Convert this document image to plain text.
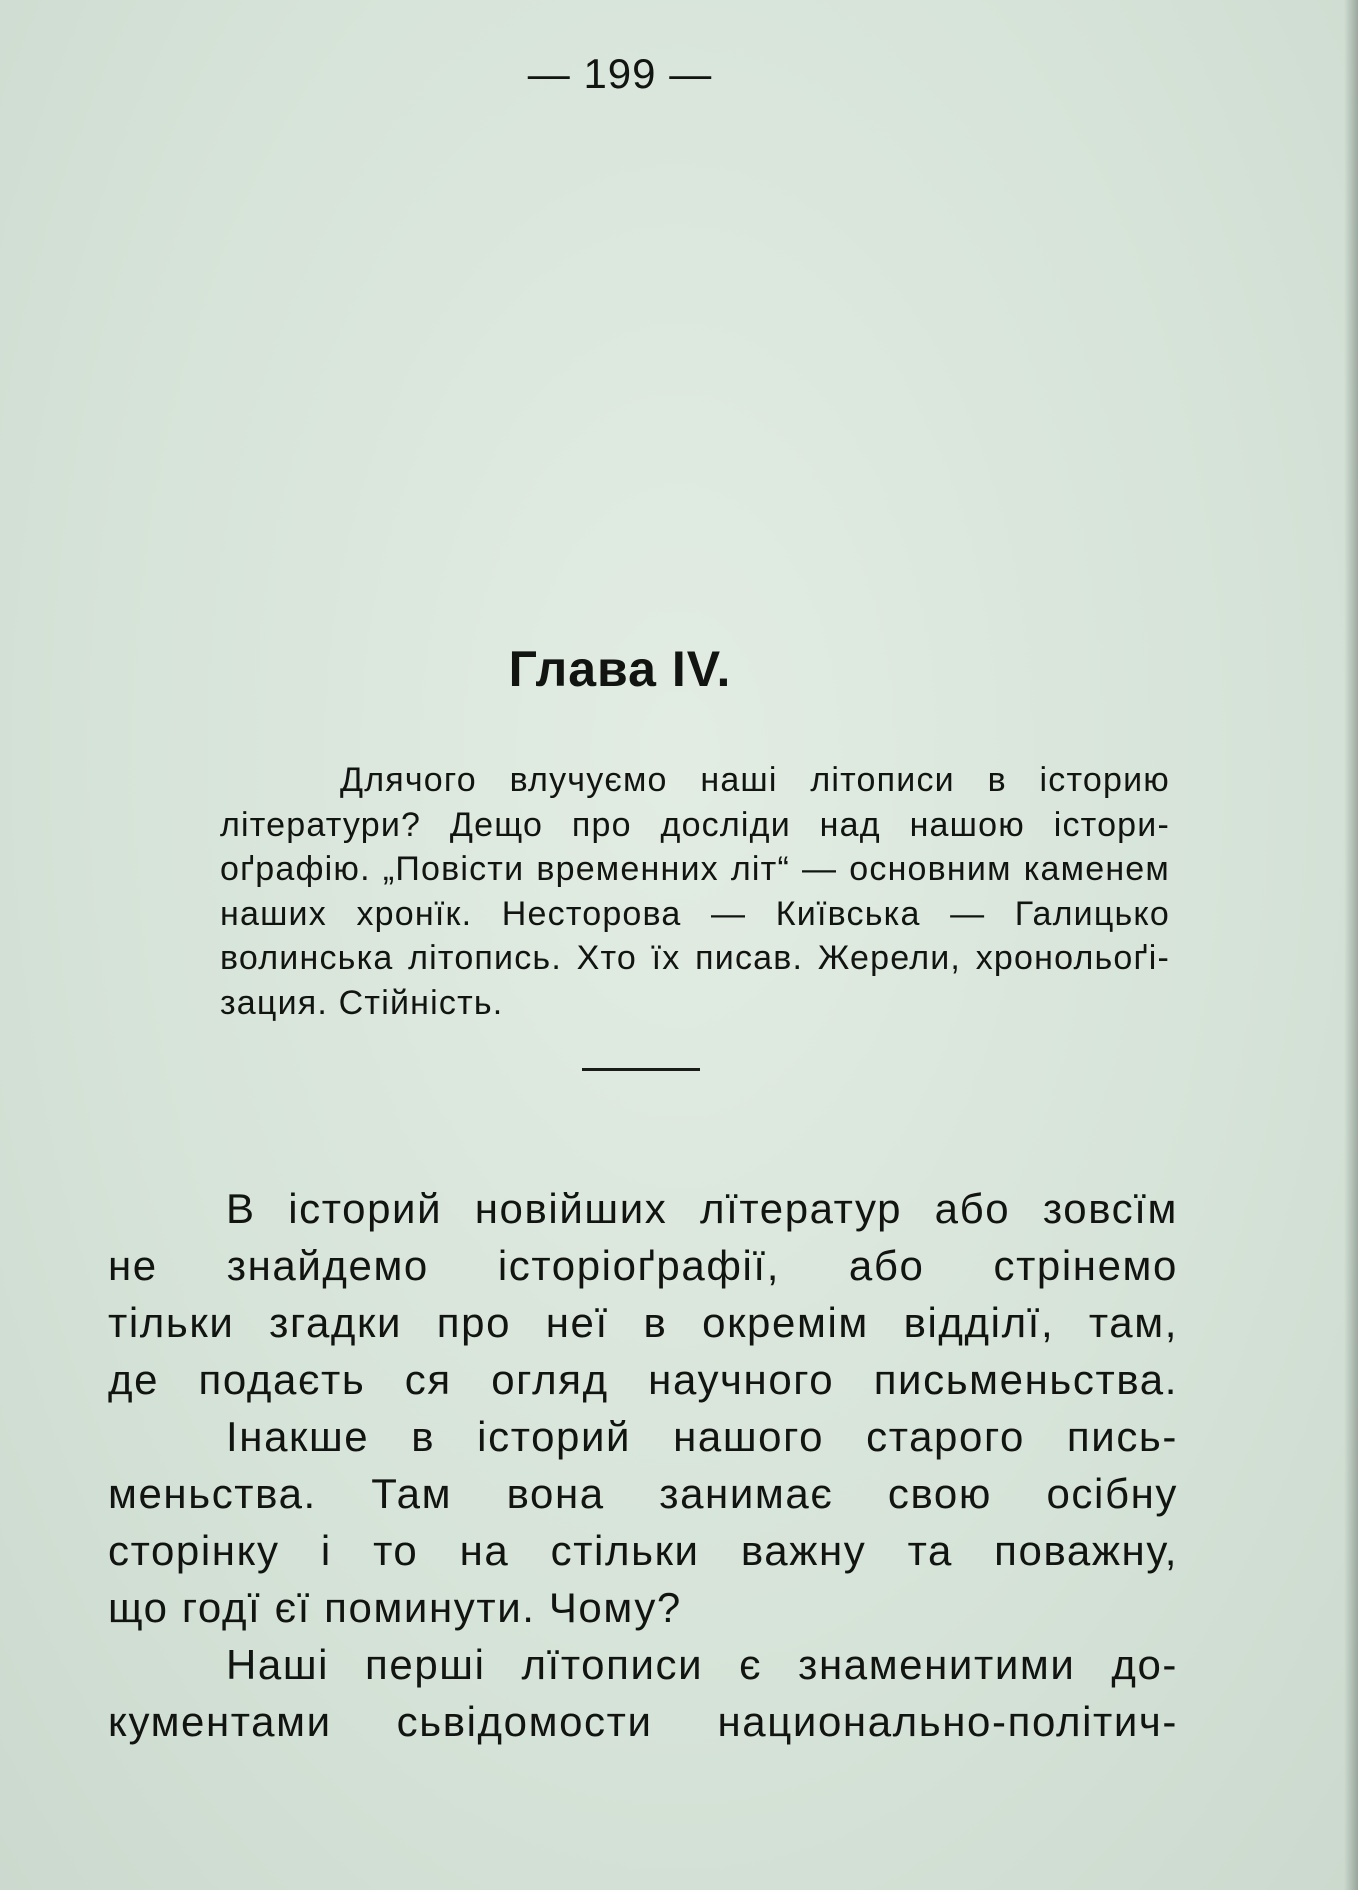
— 199 —
Глава IV.
Длячого влучуємо наші літописи в історию
літератури? Дещо про досліди над нашою істори-
оґрафію. „Повісти временних літ“ — основним каменем
наших хронїк. Несторова — Київська — Галицько
волинська літопись. Хто їх писав. Жерели, хронольоґі-
зация. Стійність.
В історий новійших лїтератур або зовсїм
не знайдемо історіоґрафії, або стрінемо
тільки згадки про неї в окремім відділї, там,
де подаєть ся огляд научного письменьства.
Інакше в історий нашого старого пись-
меньства. Там вона занимає свою осібну
сторінку і то на стільки важну та поважну,
що годї єї поминути. Чому?
Наші перші лїтописи є знаменитими до-
кументами сьвідомости национально-політич-
